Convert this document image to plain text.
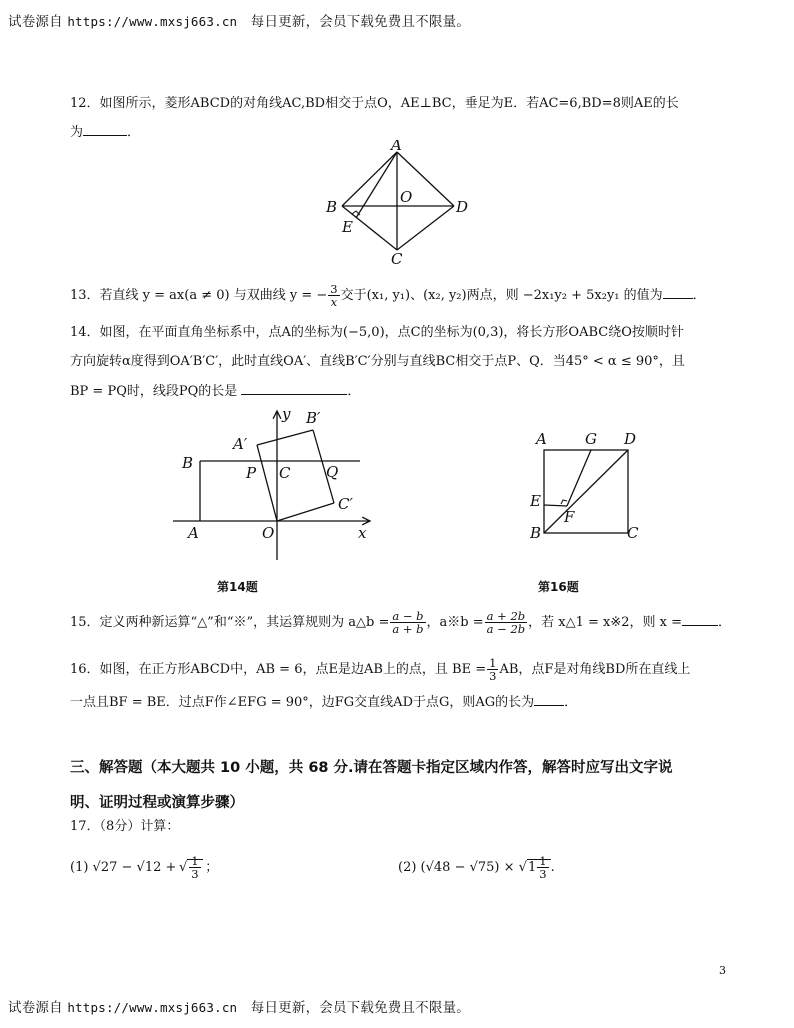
试卷源自 https://www.mxsj663.cn 每日更新，会员下载免费且不限量。
12．如图所示，菱形ABCD的对角线AC,BD相交于点O，AE⊥BC，垂足为E．若AC=6,BD=8则AE的长
为	．
A
B
O
D
E
C
13．若直线 y = ax(a ≠ 0) 与双曲线 y = − $\frac{3}{x}$ 交于(x₁, y₁)、(x₂, y₂)两点，则 −2x₁y₂ + 5x₂y₁ 的值为 ．
14．如图，在平面直角坐标系中，点A的坐标为(−5,0)，点C的坐标为(0,3)，将长方形OABC绕O按顺时针
方向旋转α度得到OA′B′C′，此时直线OA′、直线B′C′分别与直线BC相交于点P、Q．当45° < α ≤ 90°，且
BP = PQ时，线段PQ的长是	．
y B′
A′
B
P C Q
C′
A	O	x
第14题
A	G D
E
F
B	C
第16题
15．定义两种新运算“△”和“※”，其运算规则为 a△b = $\frac{a - b}{a + b}$ ，a※b = $\frac{a + 2b}{a - 2b}$ ，若 x△1 = x※2，则 x =	．
16．如图，在正方形ABCD中，AB = 6，点E是边AB上的点，且 BE = $\frac{1}{3}$ AB，点F是对角线BD所在直线上
一点且BF = BE．过点F作∠EFG = 90°，边FG交直线AD于点G，则AG的长为 ．
三、解答题（本大题共 10 小题，共 68 分.请在答题卡指定区域内作答，解答时应写出文字说
明、证明过程或演算步骤）
17．（8分）计算：
(1) √27 − √12 + √ $\frac{1}{3}$
  ；	(2) $(√48 - √75) \times √1 \frac{1}{3}$ .
3
试卷源自 https://www.mxsj663.cn 每日更新，会员下载免费且不限量。
